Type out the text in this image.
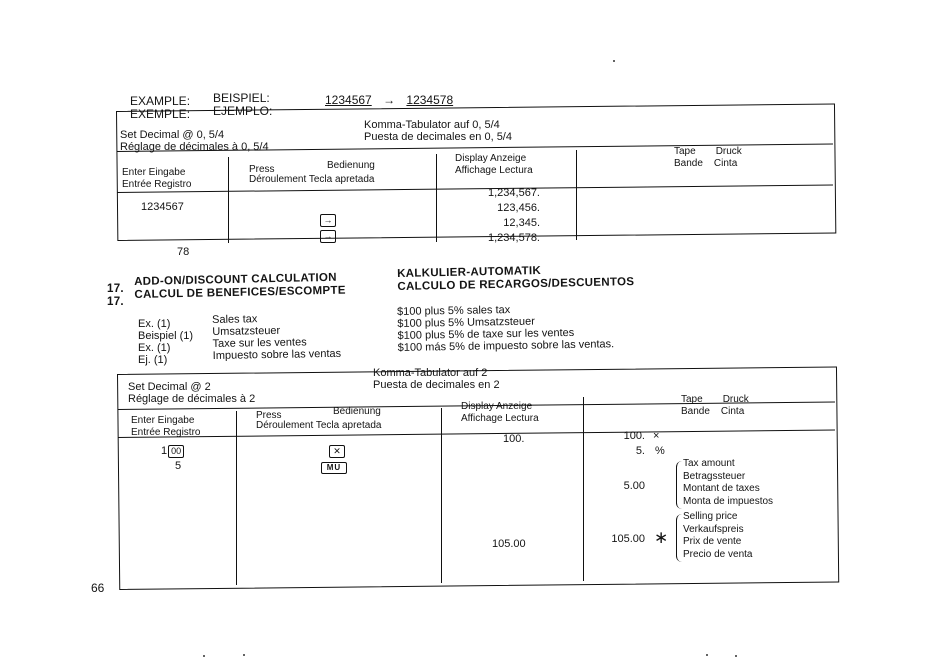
EXAMPLE:
EXEMPLE:
BEISPIEL:
EJEMPLO:
1234567 → 1234578
Set Decimal @ 0, 5/4
Réglage de décimales à 0, 5/4
Komma-Tabulator auf 0, 5/4
Puesta de decimales en 0, 5/4
Enter Eingabe
Entrée Registro
Press	Bedienung
Déroulement Tecla apretada
Display Anzeige
Affichage Lectura
Tape Druck
Bande Cinta
1234567
78
→
→
1,234,567.
123,456.
12,345.
1,234,578.
17.
17.
ADD-ON/DISCOUNT CALCULATION
CALCUL DE BENEFICES/ESCOMPTE
KALKULIER-AUTOMATIK
CALCULO DE RECARGOS/DESCUENTOS
Ex. (1)
Beispiel (1)
Ex. (1)
Ej. (1)
Sales tax
Umsatzsteuer
Taxe sur les ventes
Impuesto sobre las ventas
$100 plus 5% sales tax
$100 plus 5% Umsatzsteuer
$100 plus 5% de taxe sur les ventes
$100 más 5% de impuesto sobre las ventas.
Set Decimal @ 2
Réglage de décimales à 2
Komma-Tabulator auf 2
Puesta de decimales en 2
Enter Eingabe
Entrée Registro
Press	Bedienung
Déroulement Tecla apretada
Display Anzeige
Affichage Lectura
Tape Druck
Bande Cinta
1 00
5
✕
MU
100.
105.00
100. ×
5. %
5.00
105.00 ∗
Tax amount
Betragssteuer
Montant de taxes
Monta de impuestos
Selling price
Verkaufspreis
Prix de vente
Precio de venta
66
